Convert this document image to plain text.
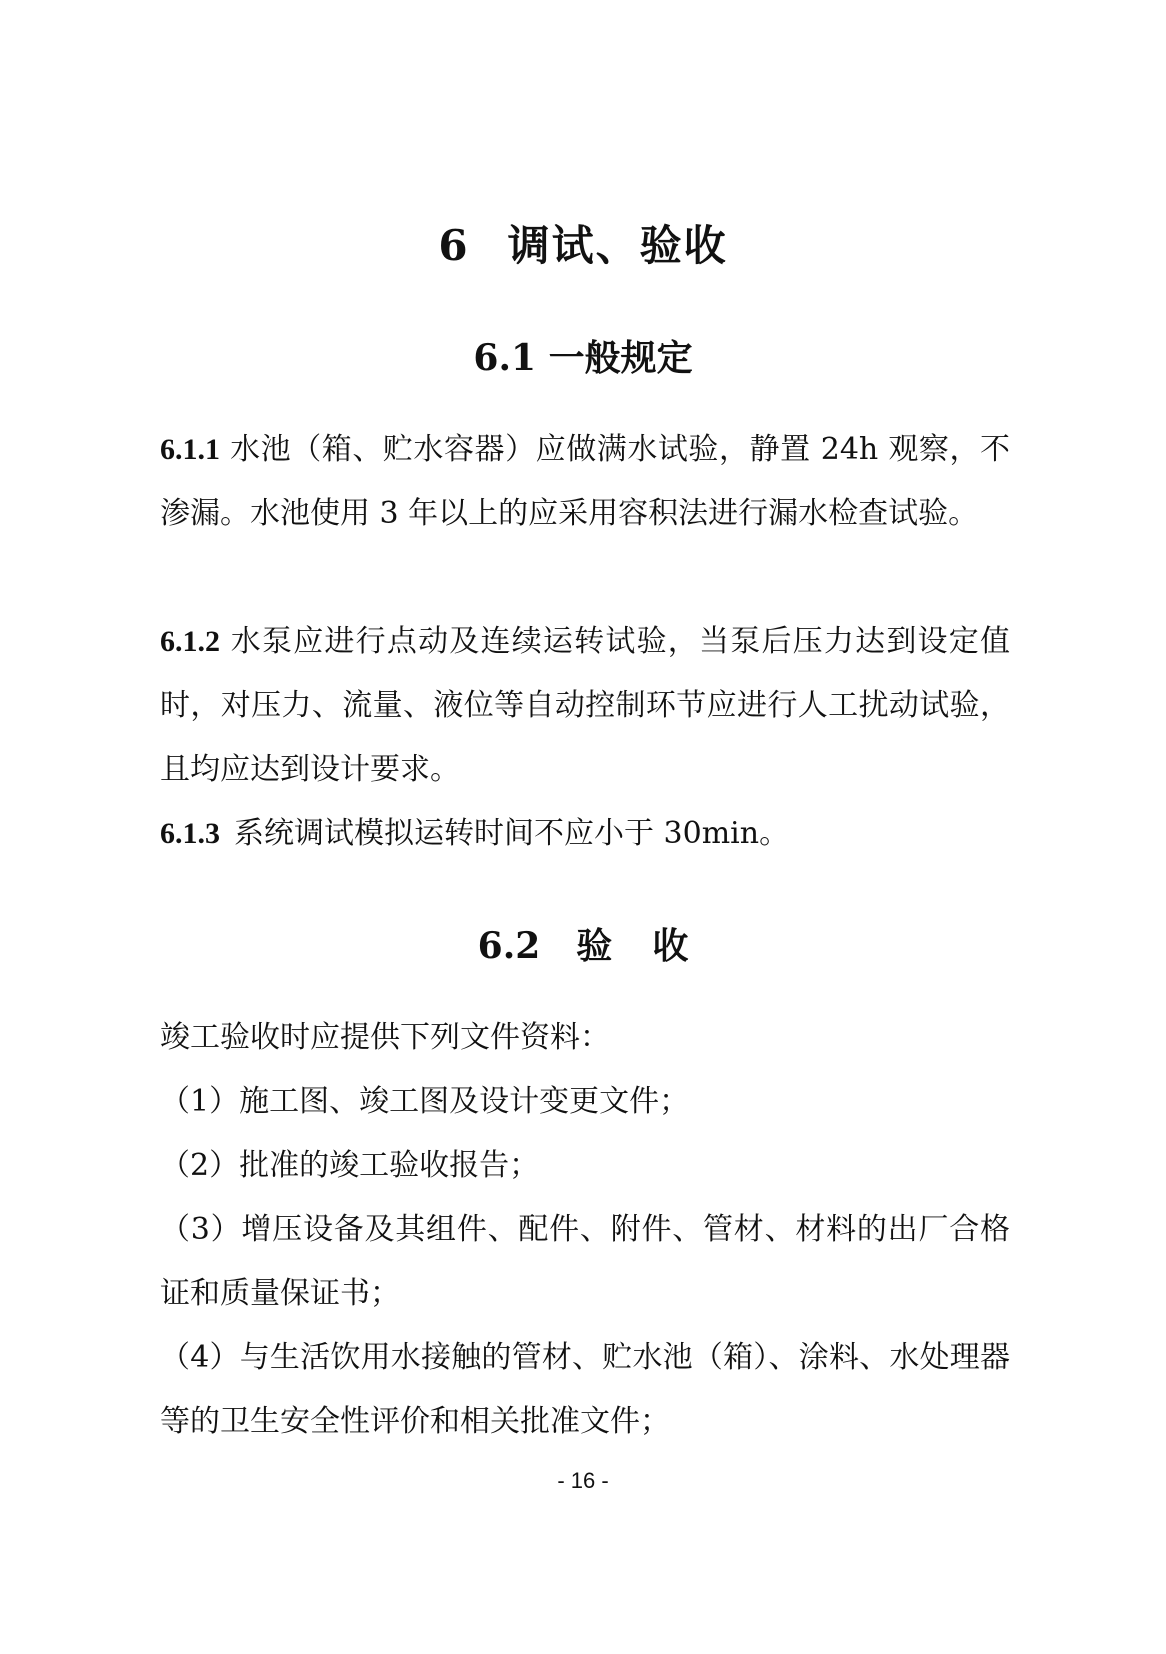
6 调试、验收
6.1 一般规定

6.1.1 水池（箱、贮水容器）应做满水试验，静置 24h 观察，不渗漏。水池使用 3 年以上的应采用容积法进行漏水检查试验。

6.1.2 水泵应进行点动及连续运转试验，当泵后压力达到设定值时，对压力、流量、液位等自动控制环节应进行人工扰动试验，且均应达到设计要求。

6.1.3 系统调试模拟运转时间不应小于 30min。

6.2 验 收

竣工验收时应提供下列文件资料：

（1）施工图、竣工图及设计变更文件；

（2）批准的竣工验收报告；

（3）增压设备及其组件、配件、附件、管材、材料的出厂合格证和质量保证书；

（4）与生活饮用水接触的管材、贮水池（箱）、涂料、水处理器等的卫生安全性评价和相关批准文件；

- 16 -
